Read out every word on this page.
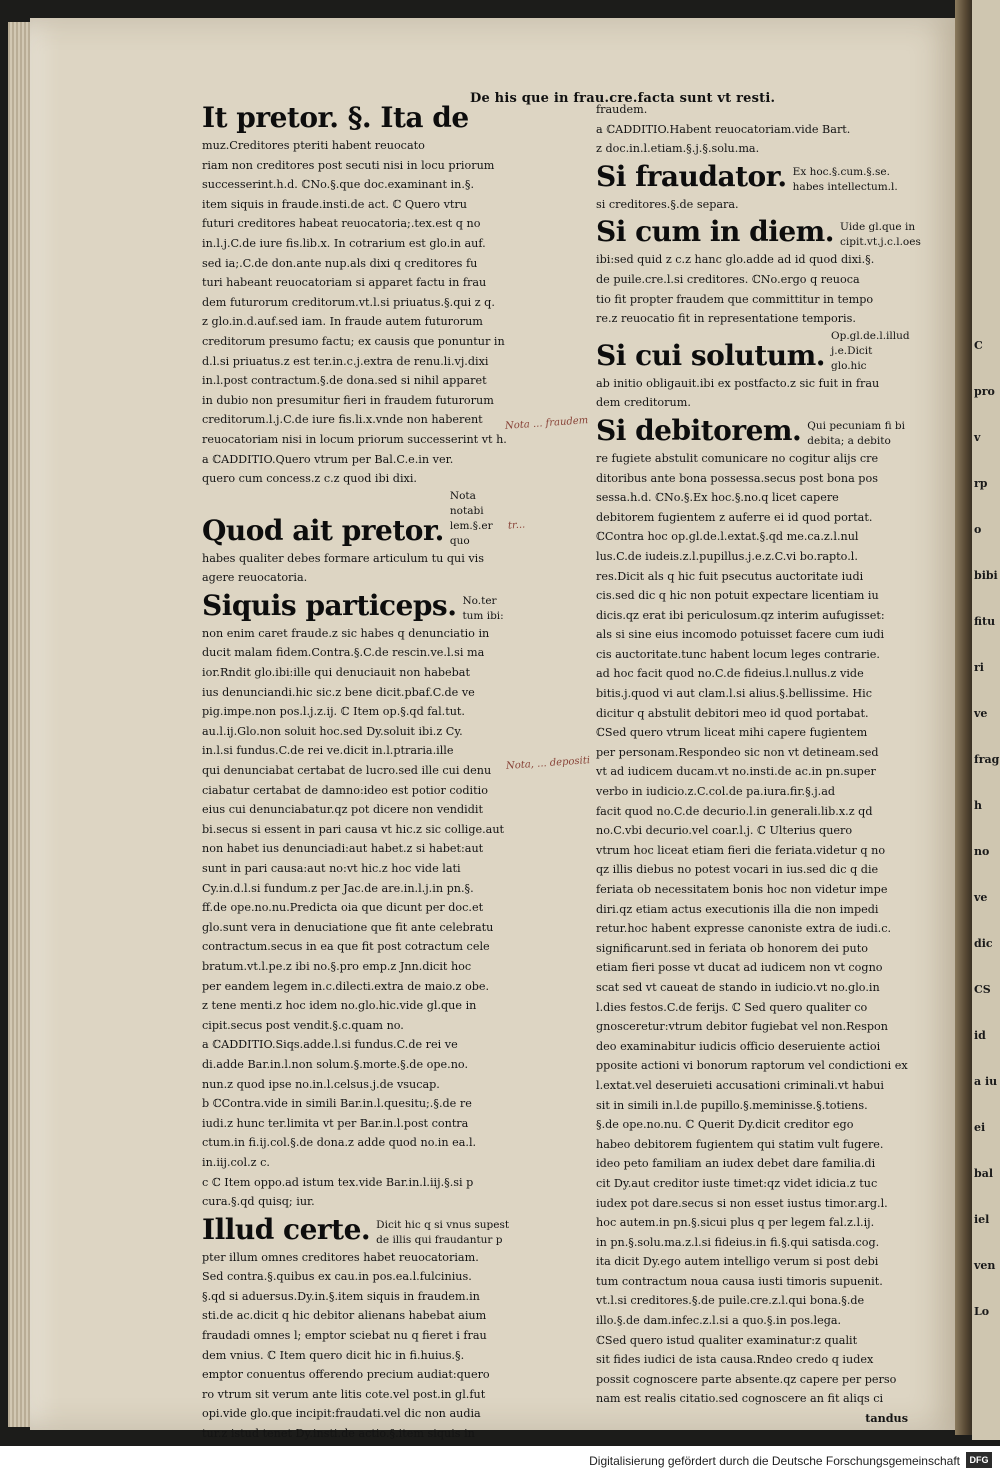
De his que in frau.cre.facta sunt vt resti.
C
pro
v
rp
o
bibi
fitu
ri
ve
frag
h
no
ve
dic
CS
id
a iu
ei
bal
iel
ven
Lo
It pretor. §. Ita de
muz.Creditores pteriti habent reuocato
riam non creditores post secuti nisi in locu priorum
successerint.h.d. ℂNo.§.que doc.examinant in.§.
item siquis in fraude.insti.de act. ℂ Quero vtru
futuri creditores habeat reuocatoria;.tex.est q no
in.l.j.C.de iure fis.lib.x. In cotrarium est glo.in auf.
sed ia;.C.de don.ante nup.als dixi q creditores fu
turi habeant reuocatoriam si apparet factu in frau
dem futurorum creditorum.vt.l.si priuatus.§.qui z q.
z glo.in.d.auf.sed iam. In fraude autem futurorum
creditorum presumo factu; ex causis que ponuntur in
d.l.si priuatus.z est ter.in.c.j.extra de renu.li.vj.dixi
in.l.post contractum.§.de dona.sed si nihil apparet
in dubio non presumitur fieri in fraudem futurorum
creditorum.l.j.C.de iure fis.li.x.vnde non haberent
reuocatoriam nisi in locum priorum successerint vt h.
a ℂADDITIO.Quero vtrum per Bal.C.e.in ver.
quero cum concess.z c.z quod ibi dixi.
Quod ait pretor.
Nota notabi lem.§.er quo
habes qualiter debes formare articulum tu qui vis
agere reuocatoria.
Siquis particeps. No.ter tum ibi:
non enim caret fraude.z sic habes q denunciatio in
ducit malam fidem.Contra.§.C.de rescin.ve.l.si ma
ior.Rndit glo.ibi:ille qui denuciauit non habebat
ius denunciandi.hic sic.z bene dicit.pbaf.C.de ve
pig.impe.non pos.l.j.z.ij. ℂ Item op.§.qd fal.tut.
au.l.ij.Glo.non soluit hoc.sed Dy.soluit ibi.z Cy.
in.l.si fundus.C.de rei ve.dicit in.l.ptraria.ille
qui denunciabat certabat de lucro.sed ille cui denu
ciabatur certabat de damno:ideo est potior coditio
eius cui denunciabatur.qz pot dicere non vendidit
bi.secus si essent in pari causa vt hic.z sic collige.aut
non habet ius denunciadi:aut habet.z si habet:aut
sunt in pari causa:aut no:vt hic.z hoc vide lati
Cy.in.d.l.si fundum.z per Jac.de are.in.l.j.in pn.§.
ff.de ope.no.nu.Predicta oia que dicunt per doc.et
glo.sunt vera in denuciatione que fit ante celebratu
contractum.secus in ea que fit post cotractum cele
bratum.vt.l.pe.z ibi no.§.pro emp.z Jnn.dicit hoc
per eandem legem in.c.dilecti.extra de maio.z obe.
z tene menti.z hoc idem no.glo.hic.vide gl.que in
cipit.secus post vendit.§.c.quam no.
a ℂADDITIO.Siqs.adde.l.si fundus.C.de rei ve
di.adde Bar.in.l.non solum.§.morte.§.de ope.no.
nun.z quod ipse no.in.l.celsus.j.de vsucap.
b ℂContra.vide in simili Bar.in.l.quesitu;.§.de re
iudi.z hunc ter.limita vt per Bar.in.l.post contra
ctum.in fi.ij.col.§.de dona.z adde quod no.in ea.l.
in.iij.col.z c.
c ℂ Item oppo.ad istum tex.vide Bar.in.l.iij.§.si p
cura.§.qd quisq; iur.
Illud certe. Dicit hic q si vnus supest de illis qui fraudantur p
pter illum omnes creditores habet reuocatoriam.
Sed contra.§.quibus ex cau.in pos.ea.l.fulcinius.
§.qd si aduersus.Dy.in.§.item siquis in fraudem.in
sti.de ac.dicit q hic debitor alienans habebat aium
fraudadi omnes l; emptor sciebat nu q fieret i frau
dem vnius. ℂ Item quero dicit hic in fi.huius.§.
emptor conuentus offerendo precium audiat:quero
ro vtrum sit verum ante litis cote.vel post.in gl.fut
opi.vide glo.que incipit:fraudati.vel dic non audia
tur.z istud tenet Dy.insti.de actio.§.item siquis in
fraudem.
a ℂADDITIO.Habent reuocatoriam.vide Bart.
z doc.in.l.etiam.§.j.§.solu.ma.
Si fraudator. Ex hoc.§.cum.§.se. habes intellectum.l.
si creditores.§.de separa.
Si cum in diem. Uide gl.que in cipit.vt.j.c.l.oes
ibi:sed quid z c.z hanc glo.adde ad id quod dixi.§.
de puile.cre.l.si creditores. ℂNo.ergo q reuoca
tio fit propter fraudem que committitur in tempo
re.z reuocatio fit in representatione temporis.
Si cui solutum.
Op.gl.de.l.illud j.e.Dicit glo.hic
ab initio obligauit.ibi ex postfacto.z sic fuit in frau
dem creditorum.
Si debitorem. Qui pecuniam fi bi debita; a debito
re fugiete abstulit comunicare no cogitur alijs cre
ditoribus ante bona possessa.secus post bona pos
sessa.h.d. ℂNo.§.Ex hoc.§.no.q licet capere
debitorem fugientem z auferre ei id quod portat.
ℂContra hoc op.gl.de.l.extat.§.qd me.ca.z.l.nul
lus.C.de iudeis.z.l.pupillus.j.e.z.C.vi bo.rapto.l.
res.Dicit als q hic fuit psecutus auctoritate iudi
cis.sed dic q hic non potuit expectare licentiam iu
dicis.qz erat ibi periculosum.qz interim aufugisset:
als si sine eius incomodo potuisset facere cum iudi
cis auctoritate.tunc habent locum leges contrarie.
ad hoc facit quod no.C.de fideius.l.nullus.z vide
bitis.j.quod vi aut clam.l.si alius.§.bellissime. Hic
dicitur q abstulit debitori meo id quod portabat.
ℂSed quero vtrum liceat mihi capere fugientem
per personam.Respondeo sic non vt detineam.sed
vt ad iudicem ducam.vt no.insti.de ac.in pn.super
verbo in iudicio.z.C.col.de pa.iura.fir.§.j.ad
facit quod no.C.de decurio.l.in generali.lib.x.z qd
no.C.vbi decurio.vel coar.l.j. ℂ Ulterius quero
vtrum hoc liceat etiam fieri die feriata.videtur q no
qz illis diebus no potest vocari in ius.sed dic q die
feriata ob necessitatem bonis hoc non videtur impe
diri.qz etiam actus executionis illa die non impedi
retur.hoc habent expresse canoniste extra de iudi.c.
significarunt.sed in feriata ob honorem dei puto
etiam fieri posse vt ducat ad iudicem non vt cogno
scat sed vt caueat de stando in iudicio.vt no.glo.in
l.dies festos.C.de ferijs. ℂ Sed quero qualiter co
gnosceretur:vtrum debitor fugiebat vel non.Respon
deo examinabitur iudicis officio deseruiente actioi
pposite actioni vi bonorum raptorum vel condictioni ex
l.extat.vel deseruieti accusationi criminali.vt habui
sit in simili in.l.de pupillo.§.meminisse.§.totiens.
§.de ope.no.nu. ℂ Querit Dy.dicit creditor ego
habeo debitorem fugientem qui statim vult fugere.
ideo peto familiam an iudex debet dare familia.di
cit Dy.aut creditor iuste timet:qz videt idicia.z tuc
iudex pot dare.secus si non esset iustus timor.arg.l.
hoc autem.in pn.§.sicui plus q per legem fal.z.l.ij.
in pn.§.solu.ma.z.l.si fideius.in fi.§.qui satisda.cog.
ita dicit Dy.ego autem intelligo verum si post debi
tum contractum noua causa iusti timoris supuenit.
vt.l.si creditores.§.de puile.cre.z.l.qui bona.§.de
illo.§.de dam.infec.z.l.si a quo.§.in pos.lega.
ℂSed quero istud qualiter examinatur:z qualit
sit fides iudici de ista causa.Rndeo credo q iudex
possit cognoscere parte absente.qz capere per perso
nam est realis citatio.sed cognoscere an fit aliqs ci
tandus
Nota ... fraudem
tr...
Nota, ... depositi
Digitalisierung gefördert durch die Deutsche Forschungsgemeinschaft	DFG
